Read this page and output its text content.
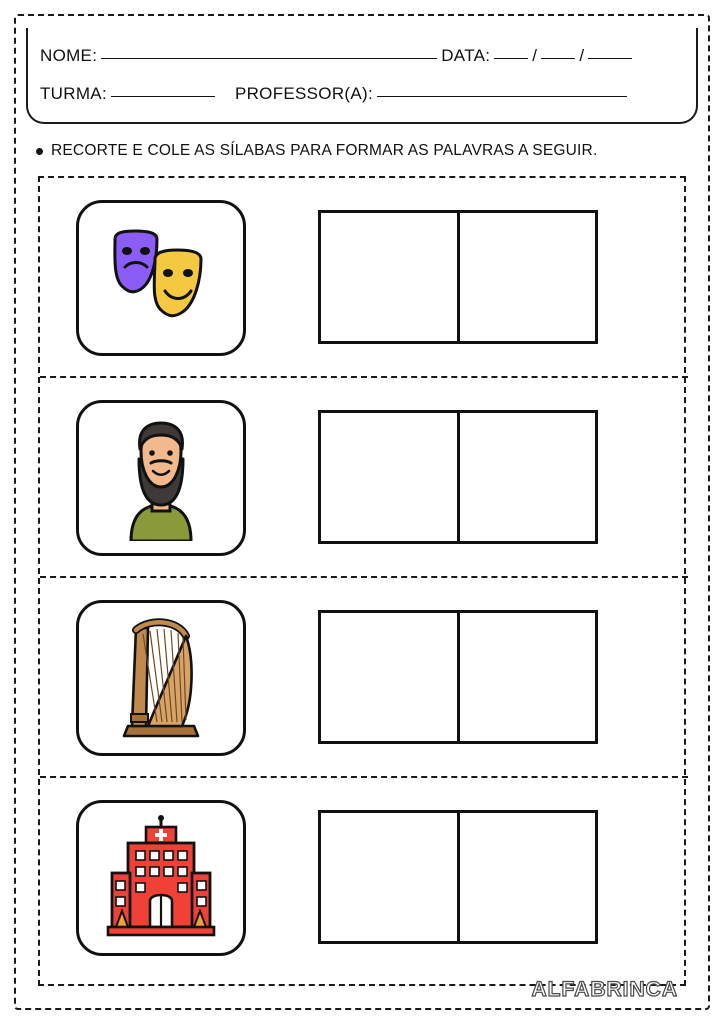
NOME:	DATA: / /
TURMA:	PROFESSOR(A):
RECORTE E COLE AS SÍLABAS PARA FORMAR AS PALAVRAS A SEGUIR.
ALFABRINCA
